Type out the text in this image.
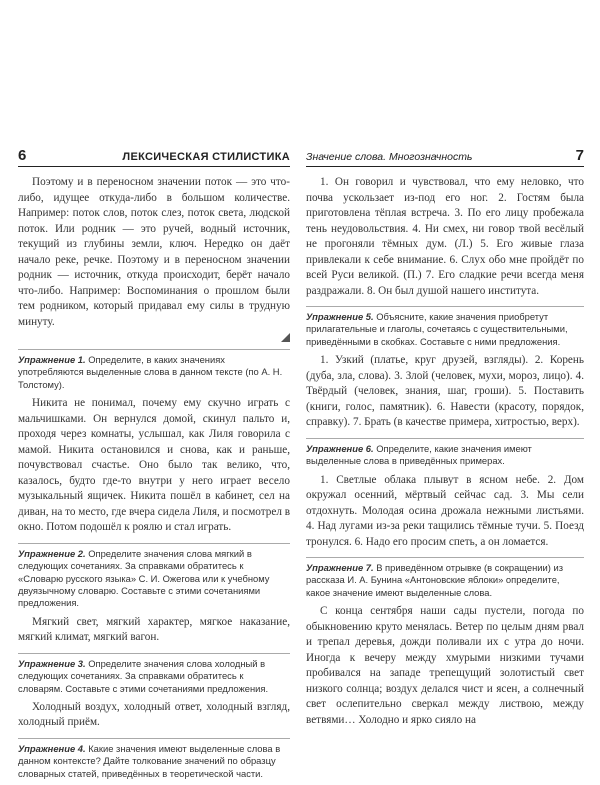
6	ЛЕКСИЧЕСКАЯ СТИЛИСТИКА

Поэтому и в переносном значении поток — это что-либо, идущее откуда-либо в большом количестве. Например: поток слов, поток слез, поток света, людской поток. Или родник — это ручей, водный источник, текущий из глубины земли, ключ. Нередко он даёт начало реке, речке. Поэтому и в переносном значении родник — источник, откуда происходит, берёт начало что-либо. Например: Воспоминания о прошлом были тем родником, который придавал ему силы в трудную минуту.

Упражнение 1. Определите, в каких значениях употребляются выделенные слова в данном тексте (по А. Н. Толстому).

Никита не понимал, почему ему скучно играть с мальчишками. Он вернулся домой, скинул пальто и, проходя через комнаты, услышал, как Лиля говорила с мамой. Никита остановился и снова, как и раньше, почувствовал счастье. Оно было так велико, что, казалось, будто где-то внутри у него играет весело музыкальный ящичек. Никита пошёл в кабинет, сел на диван, на то место, где вчера сидела Лиля, и посмотрел в окно. Потом подошёл к роялю и стал играть.

Упражнение 2. Определите значения слова мягкий в следующих сочетаниях. За справками обратитесь к «Словарю русского языка» С. И. Ожегова или к учебному двуязычному словарю. Составьте с этими сочетаниями предложения.

Мягкий свет, мягкий характер, мягкое наказание, мягкий климат, мягкий вагон.

Упражнение 3. Определите значения слова холодный в следующих сочетаниях. За справками обратитесь к словарям. Составьте с этими сочетаниями предложения.

Холодный воздух, холодный ответ, холодный взгляд, холодный приём.

Упражнение 4. Какие значения имеют выделенные слова в данном контексте? Дайте толкование значений по образцу словарных статей, приведённых в теоретической части.
Значение слова. Многозначность	7

1. Он говорил и чувствовал, что ему неловко, что почва ускользает из-под его ног. 2. Гостям была приготовлена тёплая встреча. 3. По его лицу пробежала тень неудовольствия. 4. Ни смех, ни говор твой весёлый не прогоняли тёмных дум. (Л.) 5. Его живые глаза привлекали к себе внимание. 6. Слух обо мне пройдёт по всей Руси великой. (П.) 7. Его сладкие речи всегда меня раздражали. 8. Он был душой нашего института.

Упражнение 5. Объясните, какие значения приобретут прилагательные и глаголы, сочетаясь с существительными, приведёнными в скобках. Составьте с ними предложения.

1. Узкий (платье, круг друзей, взгляды). 2. Корень (дуба, зла, слова). 3. Злой (человек, мухи, мороз, лицо). 4. Твёрдый (человек, знания, шаг, гроши). 5. Поставить (книги, голос, памятник). 6. Навести (красоту, порядок, справку). 7. Брать (в качестве примера, хитростью, верх).

Упражнение 6. Определите, какие значения имеют выделенные слова в приведённых примерах.

1. Светлые облака плывут в ясном небе. 2. Дом окружал осенний, мёртвый сейчас сад. 3. Мы сели отдохнуть. Молодая осина дрожала нежными листьями. 4. Над лугами из-за реки тащились тёмные тучи. 5. Поезд тронулся. 6. Надо его просим спеть, а он ломается.

Упражнение 7. В приведённом отрывке (в сокращении) из рассказа И. А. Бунина «Антоновские яблоки» определите, какое значение имеют выделенные слова.

С конца сентября наши сады пустели, погода по обыкновению круто менялась. Ветер по целым дням рвал и трепал деревья, дожди поливали их с утра до ночи. Иногда к вечеру между хмурыми низкими тучами пробивался на западе трепещущий золотистый свет низкого солнца; воздух делался чист и ясен, а солнечный свет ослепительно сверкал между листвою, между ветвями… Холодно и ярко сияло на
